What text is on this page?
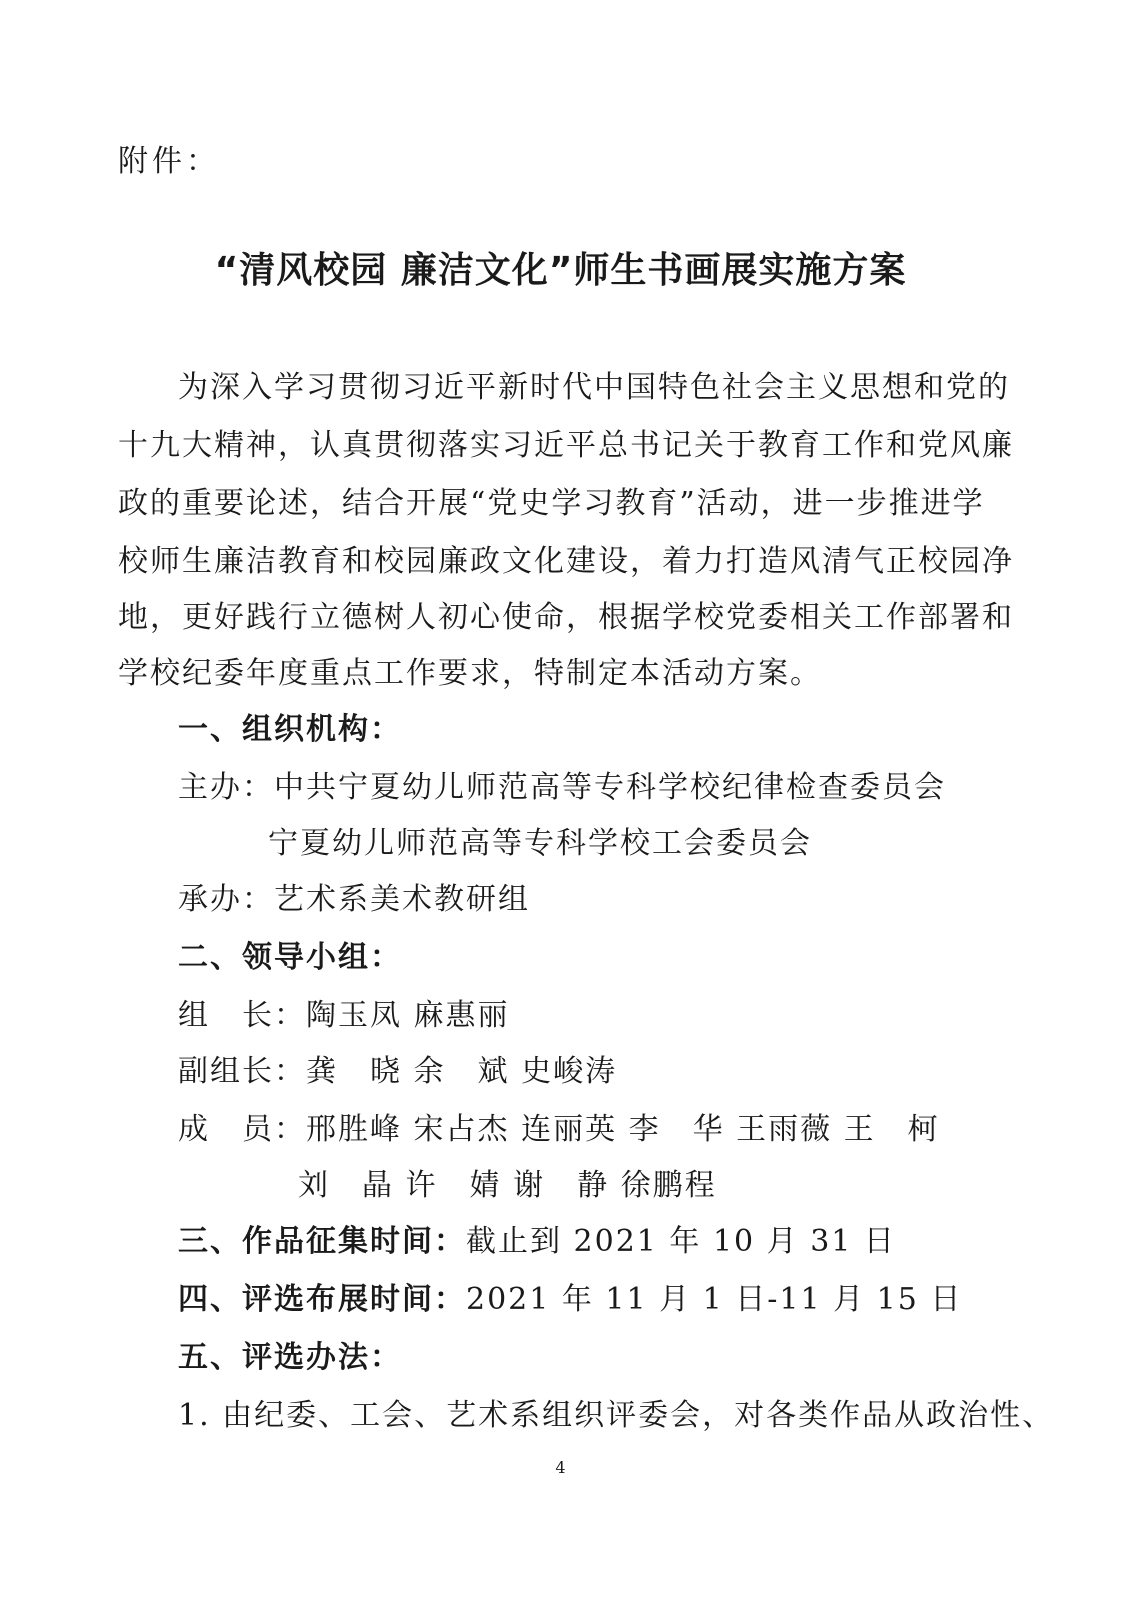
附件：
“清风校园 廉洁文化”师生书画展实施方案
为深入学习贯彻习近平新时代中国特色社会主义思想和党的
十九大精神，认真贯彻落实习近平总书记关于教育工作和党风廉
政的重要论述，结合开展“党史学习教育”活动，进一步推进学
校师生廉洁教育和校园廉政文化建设，着力打造风清气正校园净
地，更好践行立德树人初心使命，根据学校党委相关工作部署和
学校纪委年度重点工作要求，特制定本活动方案。
一、组织机构：
主办：中共宁夏幼儿师范高等专科学校纪律检查委员会
宁夏幼儿师范高等专科学校工会委员会
承办：艺术系美术教研组
二、领导小组：
组　长：陶玉凤 麻惠丽
副组长：龚　晓 余　斌 史峻涛
成　员：邢胜峰 宋占杰 连丽英 李　华 王雨薇 王　柯
刘　晶 许　婧 谢　静 徐鹏程
三、作品征集时间：截止到 2021 年 10 月 31 日
四、评选布展时间：2021 年 11 月 1 日-11 月 15 日
五、评选办法：
1. 由纪委、工会、艺术系组织评委会，对各类作品从政治性、
4
